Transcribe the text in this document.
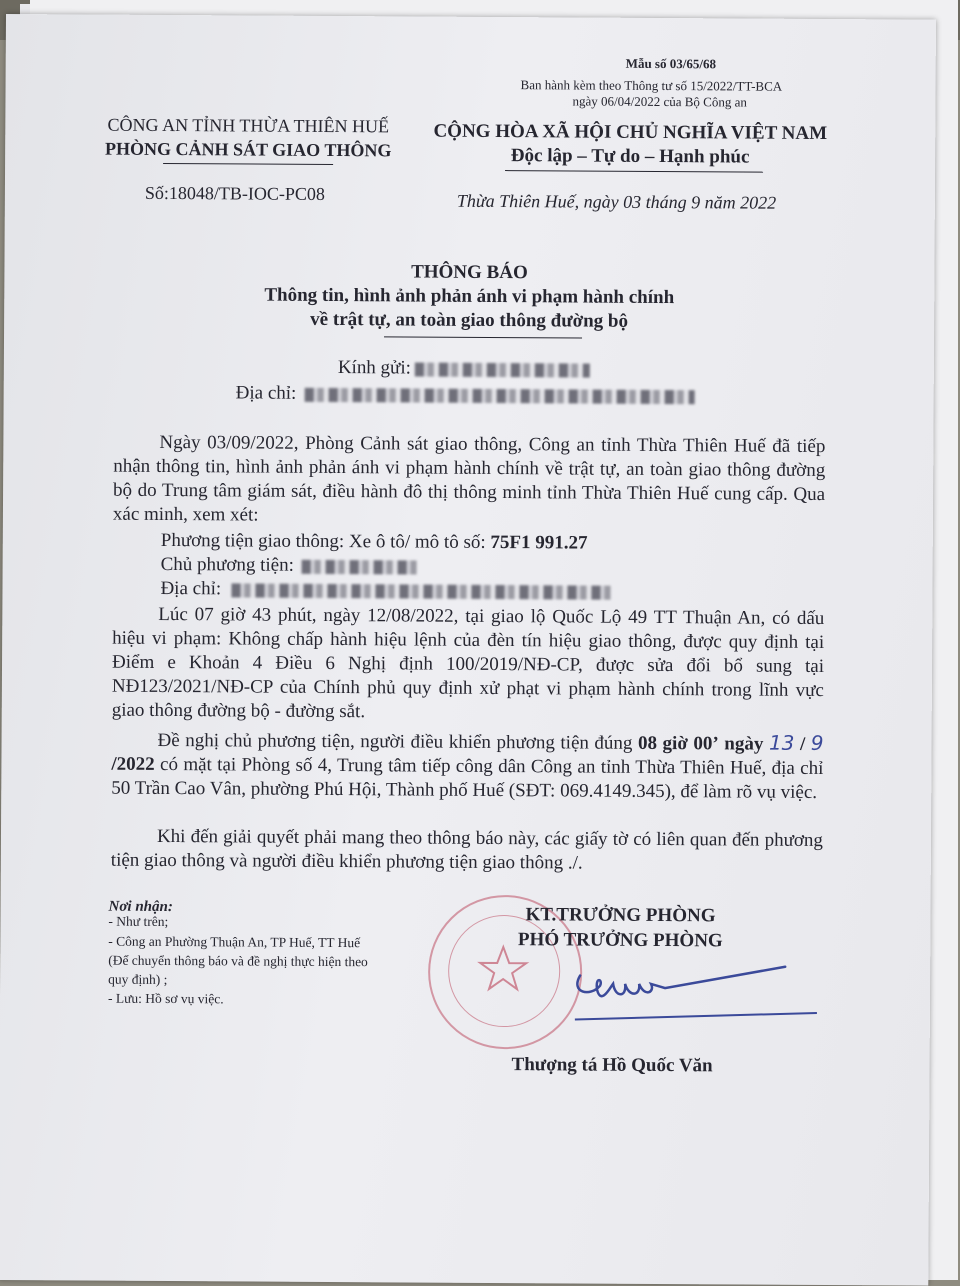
Mẫu số 03/65/68
Ban hành kèm theo Thông tư số 15/2022/TT-BCA
ngày 06/04/2022 của Bộ Công an
CÔNG AN TỈNH THỪA THIÊN HUẾ
PHÒNG CẢNH SÁT GIAO THÔNG
Số:18048/TB-IOC-PC08
CỘNG HÒA XÃ HỘI CHỦ NGHĨA VIỆT NAM
Độc lập – Tự do – Hạnh phúc
Thừa Thiên Huế, ngày 03 tháng 9 năm 2022
THÔNG BÁO
Thông tin, hình ảnh phản ánh vi phạm hành chính
về trật tự, an toàn giao thông đường bộ
Kính gửi:
Địa chỉ:
Ngày 03/09/2022, Phòng Cảnh sát giao thông, Công an tỉnh Thừa Thiên Huế đã tiếp nhận thông tin, hình ảnh phản ánh vi phạm hành chính về trật tự, an toàn giao thông đường bộ do Trung tâm giám sát, điều hành đô thị thông minh tỉnh Thừa Thiên Huế cung cấp. Qua xác minh, xem xét:
Phương tiện giao thông: Xe ô tô/ mô tô số: 75F1 991.27
Chủ phương tiện:
Địa chỉ:
Lúc 07 giờ 43 phút, ngày 12/08/2022, tại giao lộ Quốc Lộ 49 TT Thuận An, có dấu hiệu vi phạm: Không chấp hành hiệu lệnh của đèn tín hiệu giao thông, được quy định tại Điểm e Khoản 4 Điều 6 Nghị định 100/2019/NĐ-CP, được sửa đổi bổ sung tại NĐ123/2021/NĐ-CP của Chính phủ quy định xử phạt vi phạm hành chính trong lĩnh vực giao thông đường bộ - đường sắt.
Đề nghị chủ phương tiện, người điều khiển phương tiện đúng 08 giờ 00’ ngày 13 / 9 /2022 có mặt tại Phòng số 4, Trung tâm tiếp công dân Công an tỉnh Thừa Thiên Huế, địa chỉ 50 Trần Cao Vân, phường Phú Hội, Thành phố Huế (SĐT: 069.4149.345), để làm rõ vụ việc.
Khi đến giải quyết phải mang theo thông báo này, các giấy tờ có liên quan đến phương tiện giao thông và người điều khiển phương tiện giao thông ./.
Nơi nhận:
- Như trên;
- Công an Phường Thuận An, TP Huế, TT Huế
(Để chuyển thông báo và đề nghị thực hiện theo
quy định) ;
- Lưu: Hồ sơ vụ việc.
KT.TRƯỞNG PHÒNG
PHÓ TRƯỞNG PHÒNG
Thượng tá Hồ Quốc Văn
